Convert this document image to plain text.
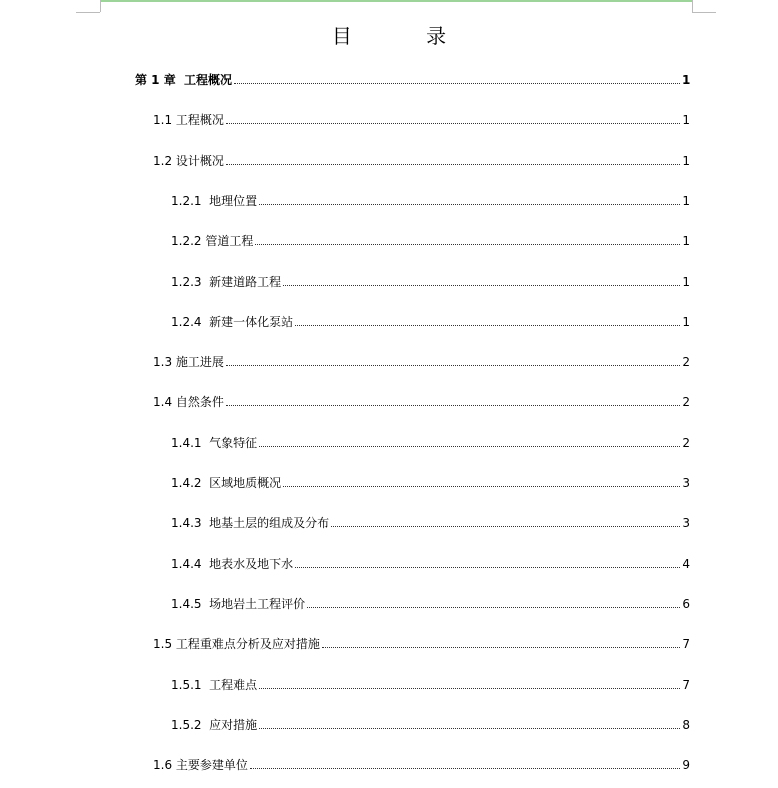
目 录
第 1 章  工程概况	1
1.1 工程概况	1
1.2 设计概况	1
1.2.1  地理位置	1
1.2.2 管道工程	1
1.2.3  新建道路工程	1
1.2.4  新建一体化泵站	1
1.3 施工进展	2
1.4 自然条件	2
1.4.1  气象特征	2
1.4.2  区域地质概况	3
1.4.3  地基土层的组成及分布	3
1.4.4  地表水及地下水	4
1.4.5  场地岩土工程评价	6
1.5 工程重难点分析及应对措施	7
1.5.1  工程难点	7
1.5.2  应对措施	8
1.6 主要参建单位	9
